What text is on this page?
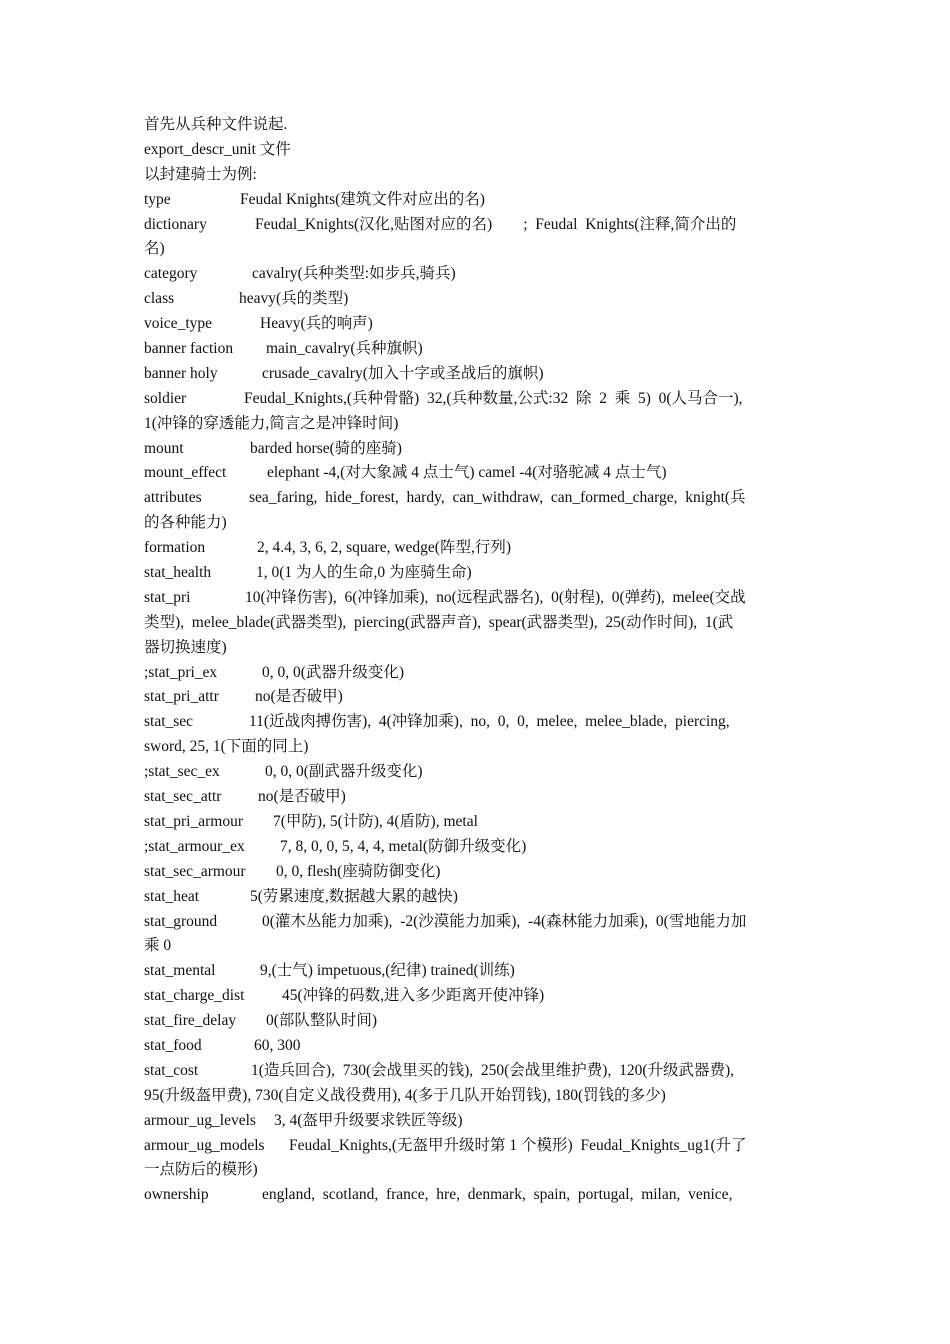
首先从兵种文件说起.
export_descr_unit 文件
以封建骑士为例:
type	Feudal Knights(建筑文件对应出的名)
dictionary	Feudal_Knights(汉化,贴图对应的名)        ;  Feudal  Knights(注释,简介出的
名)
category	cavalry(兵种类型:如步兵,骑兵)
class	heavy(兵的类型)
voice_type	Heavy(兵的响声)
banner faction	main_cavalry(兵种旗帜)
banner holy	crusade_cavalry(加入十字或圣战后的旗帜)
soldier	Feudal_Knights,(兵种骨骼)  32,(兵种数量,公式:32  除  2  乘  5)  0(人马合一),
1(冲锋的穿透能力,简言之是冲锋时间)
mount	barded horse(骑的座骑)
mount_effect	elephant -4,(对大象减 4 点士气) camel -4(对骆驼减 4 点士气)
attributes	sea_faring,  hide_forest,  hardy,  can_withdraw,  can_formed_charge,  knight(兵
的各种能力)
formation	2, 4.4, 3, 6, 2, square, wedge(阵型,行列)
stat_health	1, 0(1 为人的生命,0 为座骑生命)
stat_pri	10(冲锋伤害),  6(冲锋加乘),  no(远程武器名),  0(射程),  0(弹药),  melee(交战
类型),  melee_blade(武器类型),  piercing(武器声音),  spear(武器类型),  25(动作时间),  1(武
器切换速度)
;stat_pri_ex	0, 0, 0(武器升级变化)
stat_pri_attr	no(是否破甲)
stat_sec	11(近战肉搏伤害),  4(冲锋加乘),  no,  0,  0,  melee,  melee_blade,  piercing,
sword, 25, 1(下面的同上)
;stat_sec_ex	0, 0, 0(副武器升级变化)
stat_sec_attr	no(是否破甲)
stat_pri_armour	7(甲防), 5(计防), 4(盾防), metal
;stat_armour_ex	7, 8, 0, 0, 5, 4, 4, metal(防御升级变化)
stat_sec_armour	0, 0, flesh(座骑防御变化)
stat_heat	5(劳累速度,数据越大累的越快)
stat_ground	0(灌木丛能力加乘),  -2(沙漠能力加乘),  -4(森林能力加乘),  0(雪地能力加
乘 0
stat_mental	9,(士气) impetuous,(纪律) trained(训练)
stat_charge_dist	45(冲锋的码数,进入多少距离开使冲锋)
stat_fire_delay	0(部队整队时间)
stat_food	60, 300
stat_cost	1(造兵回合),  730(会战里买的钱),  250(会战里维护费),  120(升级武器费),
95(升级盔甲费), 730(自定义战役费用), 4(多于几队开始罚钱), 180(罚钱的多少)
armour_ug_levels	3, 4(盔甲升级要求铁匠等级)
armour_ug_models	Feudal_Knights,(无盔甲升级时第 1 个模形)  Feudal_Knights_ug1(升了
一点防后的模形)
ownership	england,  scotland,  france,  hre,  denmark,  spain,  portugal,  milan,  venice,
